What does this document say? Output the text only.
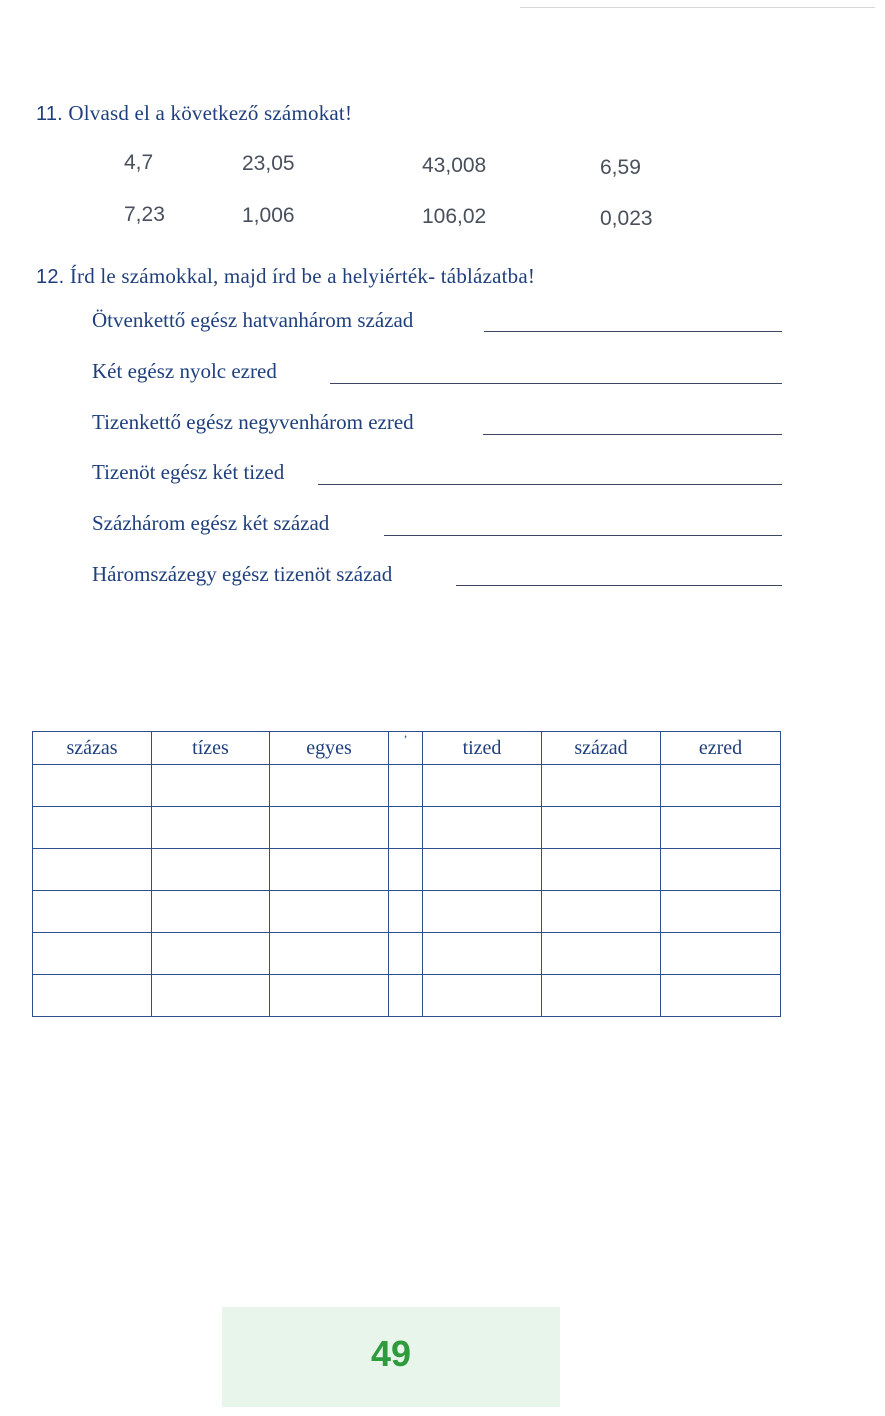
11. Olvasd el a következő számokat!
4,7	23,05	43,008	6,59
7,23	1,006	106,02	0,023
12. Írd le számokkal, majd írd be a helyiérték- táblázatba!
Ötvenkettő egész hatvanhárom század
Két egész nyolc ezred
Tizenkettő egész negyvenhárom ezred
Tizenöt egész két tized
Százhárom egész két század
Háromszázegy egész tizenöt század
százas	tízes	egyes	’	tized	század	ezred

49
